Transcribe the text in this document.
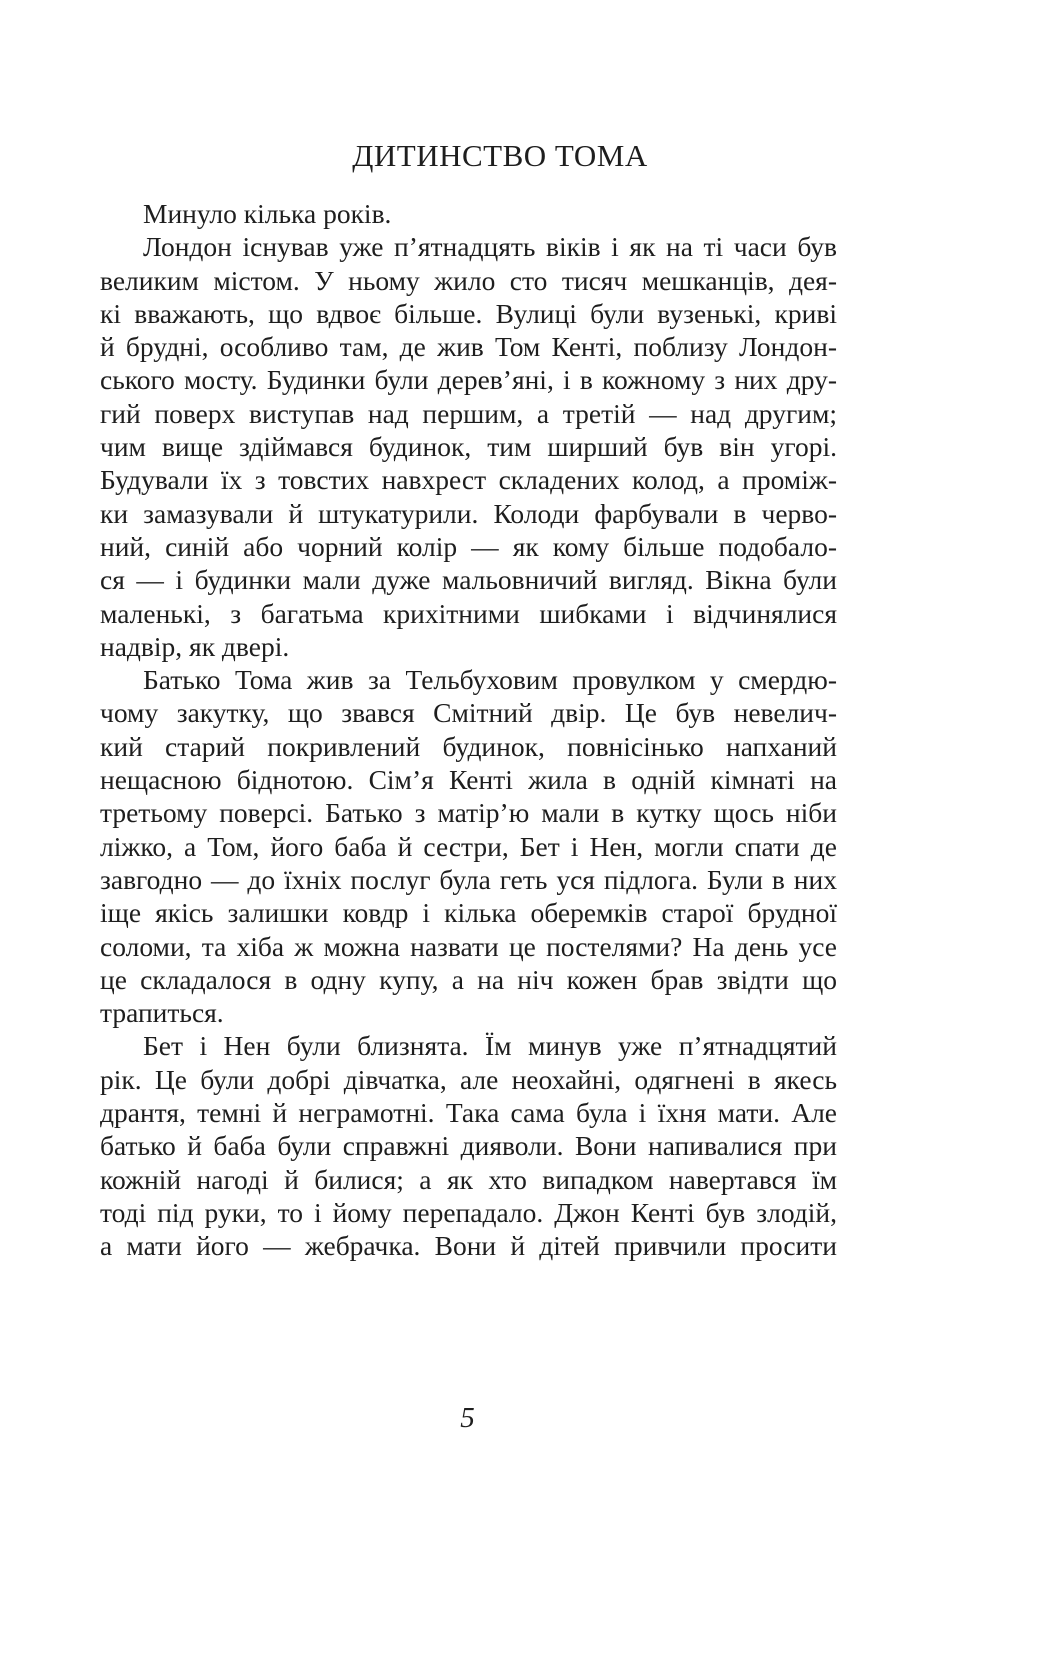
ДИТИНСТВО ТОМА
Минуло кілька років.
Лондон існував уже п’ятнадцять віків і як на ті часи був
великим містом. У ньому жило сто тисяч мешканців, дея-
кі вважають, що вдвоє більше. Вулиці були вузенькі, криві
й брудні, особливо там, де жив Том Кенті, поблизу Лондон-
ського мосту. Будинки були дерев’яні, і в кожному з них дру-
гий поверх виступав над першим, а третій — над другим;
чим вище здіймався будинок, тим ширший був він угорі.
Будували їх з товстих навхрест складених колод, а промiж-
ки замазували й штукатурили. Колоди фарбували в черво-
ний, синій або чорний колір — як кому більше подобало-
ся — і будинки мали дуже мальовничий вигляд. Вікна були
маленькі, з багатьма крихітними шибками і відчинялися
надвір, як двері.
Батько Тома жив за Тельбуховим провулком у смердю-
чому закутку, що звався Смітний двір. Це був невелич-
кий старий покривлений будинок, повнісінько напханий
нещасною біднотою. Сім’я Кенті жила в одній кімнаті на
третьому поверсі. Батько з матір’ю мали в кутку щось ніби
ліжко, а Том, його баба й сестри, Бет і Нен, могли спати де
завгодно — до їхніх послуг була геть уся підлога. Були в них
іще якісь залишки ковдр і кілька оберемків старої брудної
соломи, та хіба ж можна назвати це постелями? На день усе
це складалося в одну купу, а на ніч кожен брав звідти що
трапиться.
Бет і Нен були близнята. Їм минув уже п’ятнадцятий
рік. Це були добрі дівчатка, але неохайні, одягнені в якесь
дрантя, темні й неграмотні. Така сама була і їхня мати. Але
батько й баба були справжні дияволи. Вони напивалися при
кожній нагоді й билися; а як хто випадком навертався їм
тоді під руки, то і йому перепадало. Джон Кенті був злодій,
а мати його — жебрачка. Вони й дітей привчили просити
5
